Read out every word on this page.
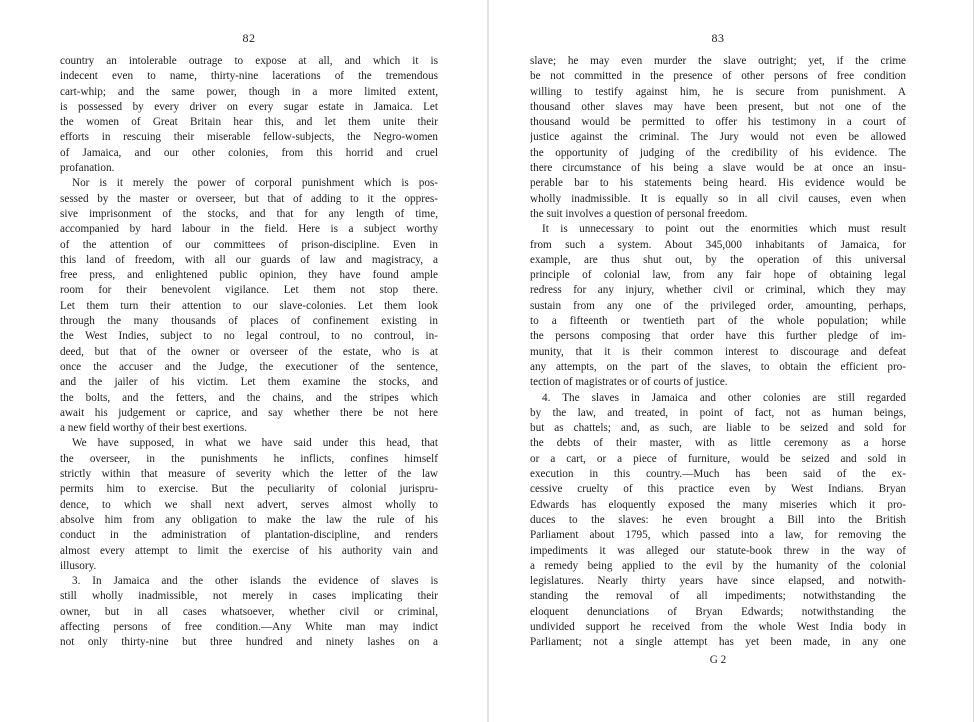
82
country an intolerable outrage to expose at all, and which it is
indecent even to name, thirty-nine lacerations of the tremendous
cart-whip; and the same power, though in a more limited extent,
is possessed by every driver on every sugar estate in Jamaica. Let
the women of Great Britain hear this, and let them unite their
efforts in rescuing their miserable fellow-subjects, the Negro-women
of Jamaica, and our other colonies, from this horrid and cruel
profanation.
Nor is it merely the power of corporal punishment which is pos-
sessed by the master or overseer, but that of adding to it the oppres-
sive imprisonment of the stocks, and that for any length of time,
accompanied by hard labour in the field. Here is a subject worthy
of the attention of our committees of prison-discipline. Even in
this land of freedom, with all our guards of law and magistracy, a
free press, and enlightened public opinion, they have found ample
room for their benevolent vigilance. Let them not stop there.
Let them turn their attention to our slave-colonies. Let them look
through the many thousands of places of confinement existing in
the West Indies, subject to no legal controul, to no controul, in-
deed, but that of the owner or overseer of the estate, who is at
once the accuser and the Judge, the executioner of the sentence,
and the jailer of his victim. Let them examine the stocks, and
the bolts, and the fetters, and the chains, and the stripes which
await his judgement or caprice, and say whether there be not here
a new field worthy of their best exertions.
We have supposed, in what we have said under this head, that
the overseer, in the punishments he inflicts, confines himself
strictly within that measure of severity which the letter of the law
permits him to exercise. But the peculiarity of colonial jurispru-
dence, to which we shall next advert, serves almost wholly to
absolve him from any obligation to make the law the rule of his
conduct in the administration of plantation-discipline, and renders
almost every attempt to limit the exercise of his authority vain and
illusory.
3. In Jamaica and the other islands the evidence of slaves is
still wholly inadmissible, not merely in cases implicating their
owner, but in all cases whatsoever, whether civil or criminal,
affecting persons of free condition.—Any White man may indict
not only thirty-nine but three hundred and ninety lashes on a
83
slave; he may even murder the slave outright; yet, if the crime
be not committed in the presence of other persons of free condition
willing to testify against him, he is secure from punishment. A
thousand other slaves may have been present, but not one of the
thousand would be permitted to offer his testimony in a court of
justice against the criminal. The Jury would not even be allowed
the opportunity of judging of the credibility of his evidence. The
there circumstance of his being a slave would be at once an insu-
perable bar to his statements being heard. His evidence would be
wholly inadmissible. It is equally so in all civil causes, even when
the suit involves a question of personal freedom.
It is unnecessary to point out the enormities which must result
from such a system. About 345,000 inhabitants of Jamaica, for
example, are thus shut out, by the operation of this universal
principle of colonial law, from any fair hope of obtaining legal
redress for any injury, whether civil or criminal, which they may
sustain from any one of the privileged order, amounting, perhaps,
to a fifteenth or twentieth part of the whole population; while
the persons composing that order have this further pledge of im-
munity, that it is their common interest to discourage and defeat
any attempts, on the part of the slaves, to obtain the efficient pro-
tection of magistrates or of courts of justice.
4. The slaves in Jamaica and other colonies are still regarded
by the law, and treated, in point of fact, not as human beings,
but as chattels; and, as such, are liable to be seized and sold for
the debts of their master, with as little ceremony as a horse
or a cart, or a piece of furniture, would be seized and sold in
execution in this country.—Much has been said of the ex-
cessive cruelty of this practice even by West Indians. Bryan
Edwards has eloquently exposed the many miseries which it pro-
duces to the slaves: he even brought a Bill into the British
Parliament about 1795, which passed into a law, for removing the
impediments it was alleged our statute-book threw in the way of
a remedy being applied to the evil by the humanity of the colonial
legislatures. Nearly thirty years have since elapsed, and notwith-
standing the removal of all impediments; notwithstanding the
eloquent denunciations of Bryan Edwards; notwithstanding the
undivided support he received from the whole West India body in
Parliament; not a single attempt has yet been made, in any one
G 2
